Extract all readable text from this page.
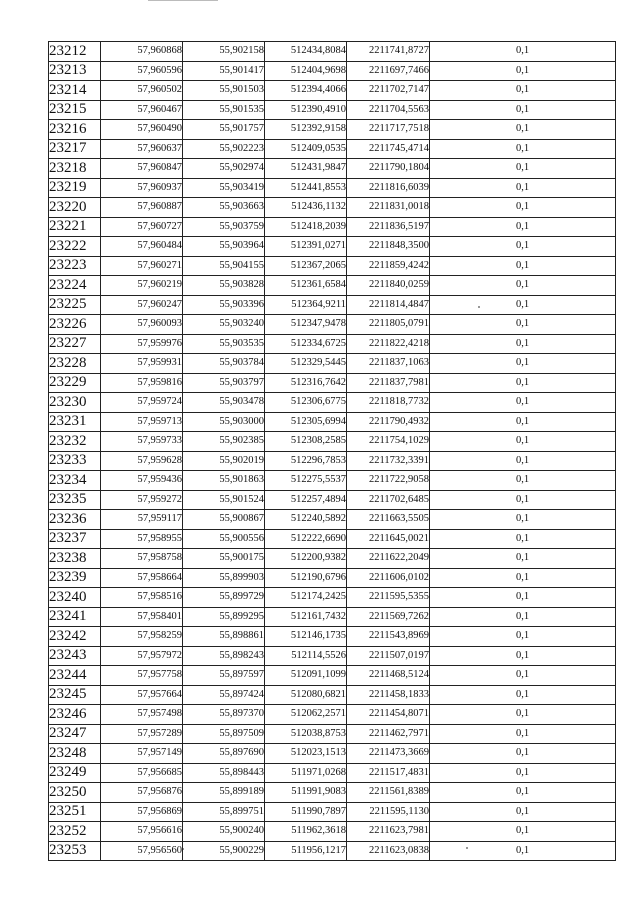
23212	57,960868	55,902158	512434,8084	2211741,8727	0,1
23213	57,960596	55,901417	512404,9698	2211697,7466	0,1
23214	57,960502	55,901503	512394,4066	2211702,7147	0,1
23215	57,960467	55,901535	512390,4910	2211704,5563	0,1
23216	57,960490	55,901757	512392,9158	2211717,7518	0,1
23217	57,960637	55,902223	512409,0535	2211745,4714	0,1
23218	57,960847	55,902974	512431,9847	2211790,1804	0,1
23219	57,960937	55,903419	512441,8553	2211816,6039	0,1
23220	57,960887	55,903663	512436,1132	2211831,0018	0,1
23221	57,960727	55,903759	512418,2039	2211836,5197	0,1
23222	57,960484	55,903964	512391,0271	2211848,3500	0,1
23223	57,960271	55,904155	512367,2065	2211859,4242	0,1
23224	57,960219	55,903828	512361,6584	2211840,0259	0,1
23225	57,960247	55,903396	512364,9211	2211814,4847	0,1
23226	57,960093	55,903240	512347,9478	2211805,0791	0,1
23227	57,959976	55,903535	512334,6725	2211822,4218	0,1
23228	57,959931	55,903784	512329,5445	2211837,1063	0,1
23229	57,959816	55,903797	512316,7642	2211837,7981	0,1
23230	57,959724	55,903478	512306,6775	2211818,7732	0,1
23231	57,959713	55,903000	512305,6994	2211790,4932	0,1
23232	57,959733	55,902385	512308,2585	2211754,1029	0,1
23233	57,959628	55,902019	512296,7853	2211732,3391	0,1
23234	57,959436	55,901863	512275,5537	2211722,9058	0,1
23235	57,959272	55,901524	512257,4894	2211702,6485	0,1
23236	57,959117	55,900867	512240,5892	2211663,5505	0,1
23237	57,958955	55,900556	512222,6690	2211645,0021	0,1
23238	57,958758	55,900175	512200,9382	2211622,2049	0,1
23239	57,958664	55,899903	512190,6796	2211606,0102	0,1
23240	57,958516	55,899729	512174,2425	2211595,5355	0,1
23241	57,958401	55,899295	512161,7432	2211569,7262	0,1
23242	57,958259	55,898861	512146,1735	2211543,8969	0,1
23243	57,957972	55,898243	512114,5526	2211507,0197	0,1
23244	57,957758	55,897597	512091,1099	2211468,5124	0,1
23245	57,957664	55,897424	512080,6821	2211458,1833	0,1
23246	57,957498	55,897370	512062,2571	2211454,8071	0,1
23247	57,957289	55,897509	512038,8753	2211462,7971	0,1
23248	57,957149	55,897690	512023,1513	2211473,3669	0,1
23249	57,956685	55,898443	511971,0268	2211517,4831	0,1
23250	57,956876	55,899189	511991,9083	2211561,8389	0,1
23251	57,956869	55,899751	511990,7897	2211595,1130	0,1
23252	57,956616	55,900240	511962,3618	2211623,7981	0,1
23253	57,956560	55,900229	511956,1217	2211623,0838	0,1
